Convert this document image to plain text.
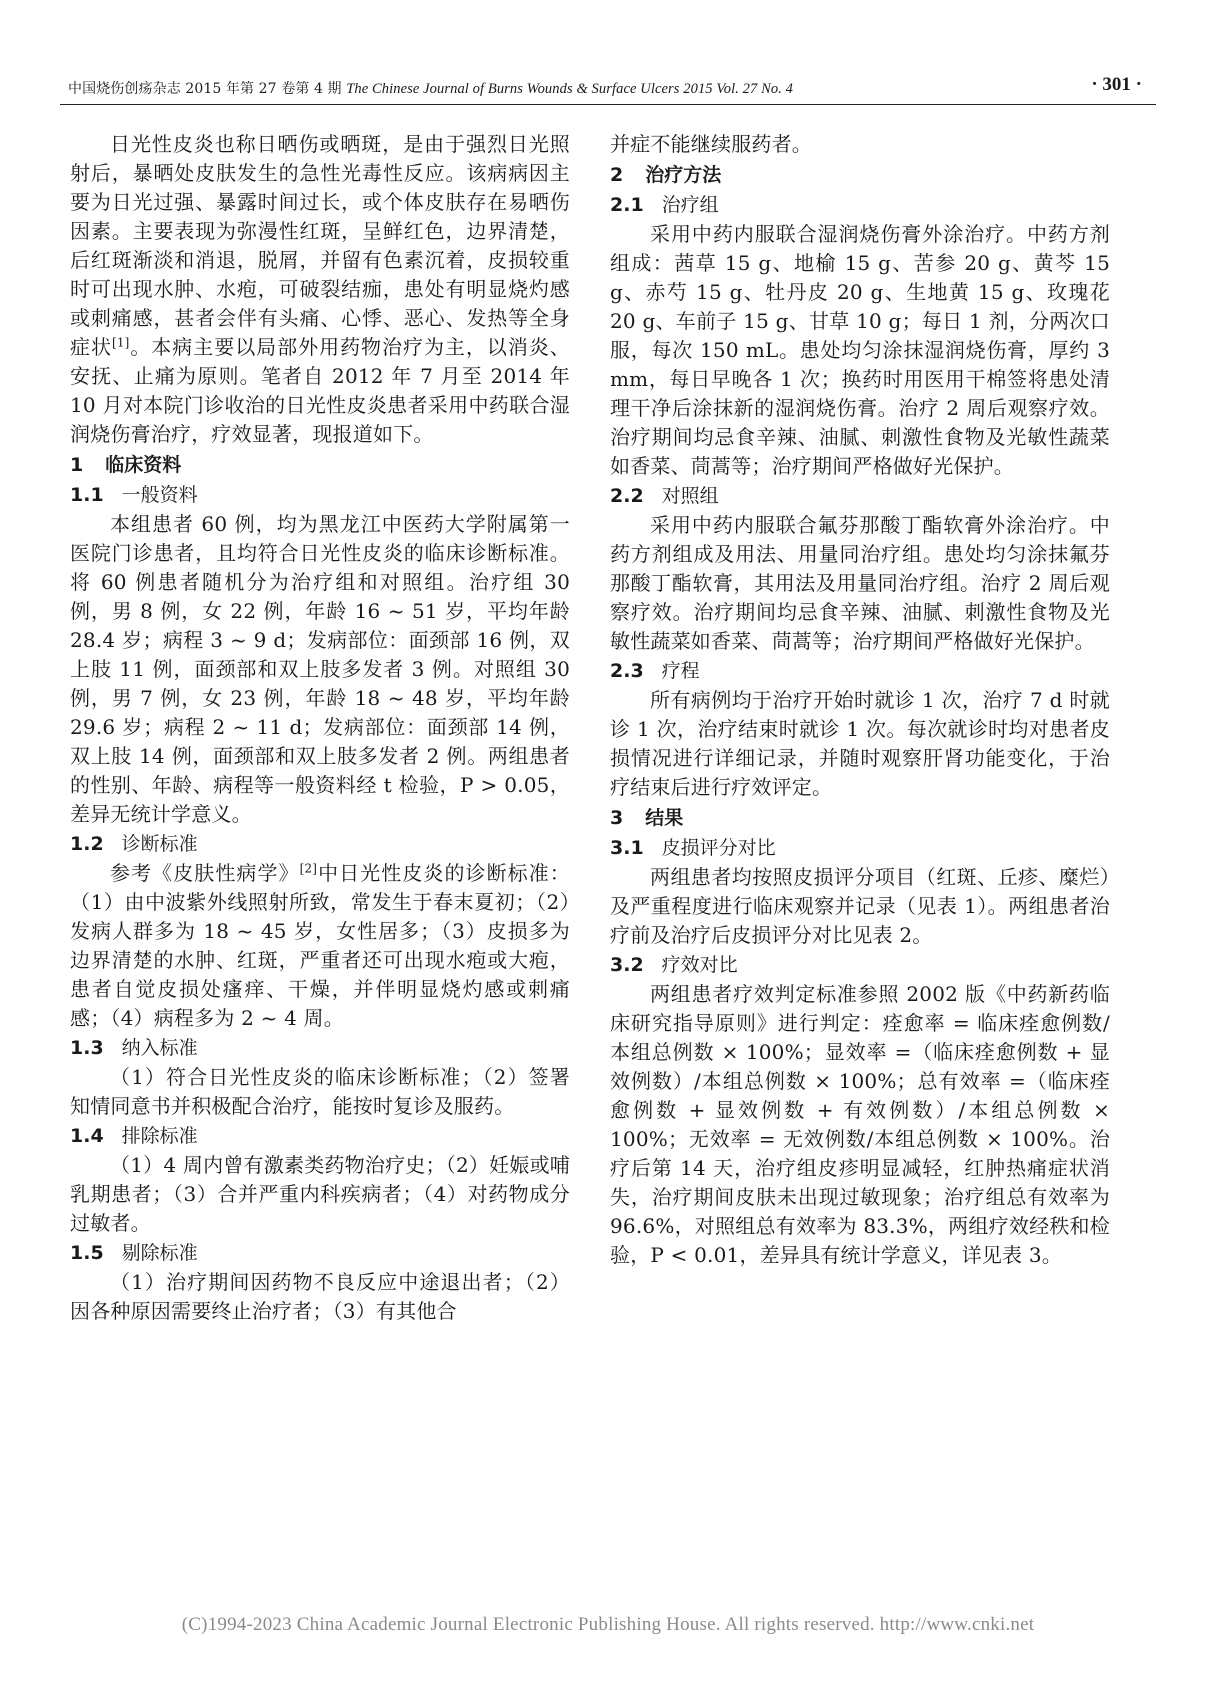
中国烧伤创疡杂志 2015 年第 27 卷第 4 期 The Chinese Journal of Burns Wounds & Surface Ulcers 2015 Vol. 27 No. 4	· 301 ·

日光性皮炎也称日晒伤或晒斑，是由于强烈日光照射后，暴晒处皮肤发生的急性光毒性反应。该病病因主要为日光过强、暴露时间过长，或个体皮肤存在易晒伤因素。主要表现为弥漫性红斑，呈鲜红色，边界清楚，后红斑渐淡和消退，脱屑，并留有色素沉着，皮损较重时可出现水肿、水疱，可破裂结痂，患处有明显烧灼感或刺痛感，甚者会伴有头痛、心悸、恶心、发热等全身症状[1]。本病主要以局部外用药物治疗为主，以消炎、安抚、止痛为原则。笔者自 2012 年 7 月至 2014 年 10 月对本院门诊收治的日光性皮炎患者采用中药联合湿润烧伤膏治疗，疗效显著，现报道如下。

1 临床资料
1.1 一般资料

本组患者 60 例，均为黑龙江中医药大学附属第一医院门诊患者，且均符合日光性皮炎的临床诊断标准。将 60 例患者随机分为治疗组和对照组。治疗组 30 例，男 8 例，女 22 例，年龄 16 ~ 51 岁，平均年龄 28.4 岁；病程 3 ~ 9 d；发病部位：面颈部 16 例，双上肢 11 例，面颈部和双上肢多发者 3 例。对照组 30 例，男 7 例，女 23 例，年龄 18 ~ 48 岁，平均年龄 29.6 岁；病程 2 ~ 11 d；发病部位：面颈部 14 例，双上肢 14 例，面颈部和双上肢多发者 2 例。两组患者的性别、年龄、病程等一般资料经 t 检验，P > 0.05，差异无统计学意义。

1.2 诊断标准

参考《皮肤性病学》[2]中日光性皮炎的诊断标准：（1）由中波紫外线照射所致，常发生于春末夏初；（2）发病人群多为 18 ~ 45 岁，女性居多；（3）皮损多为边界清楚的水肿、红斑，严重者还可出现水疱或大疱，患者自觉皮损处瘙痒、干燥，并伴明显烧灼感或刺痛感；（4）病程多为 2 ~ 4 周。

1.3 纳入标准

（1）符合日光性皮炎的临床诊断标准；（2）签署知情同意书并积极配合治疗，能按时复诊及服药。

1.4 排除标准

（1）4 周内曾有激素类药物治疗史；（2）妊娠或哺乳期患者；（3）合并严重内科疾病者；（4）对药物成分过敏者。

1.5 剔除标准

（1）治疗期间因药物不良反应中途退出者；（2）因各种原因需要终止治疗者；（3）有其他合

并症不能继续服药者。

2 治疗方法
2.1 治疗组

采用中药内服联合湿润烧伤膏外涂治疗。中药方剂组成：茜草 15 g、地榆 15 g、苦参 20 g、黄芩 15 g、赤芍 15 g、牡丹皮 20 g、生地黄 15 g、玫瑰花 20 g、车前子 15 g、甘草 10 g；每日 1 剂，分两次口服，每次 150 mL。患处均匀涂抹湿润烧伤膏，厚约 3 mm，每日早晚各 1 次；换药时用医用干棉签将患处清理干净后涂抹新的湿润烧伤膏。治疗 2 周后观察疗效。治疗期间均忌食辛辣、油腻、刺激性食物及光敏性蔬菜如香菜、茼蒿等；治疗期间严格做好光保护。

2.2 对照组

采用中药内服联合氟芬那酸丁酯软膏外涂治疗。中药方剂组成及用法、用量同治疗组。患处均匀涂抹氟芬那酸丁酯软膏，其用法及用量同治疗组。治疗 2 周后观察疗效。治疗期间均忌食辛辣、油腻、刺激性食物及光敏性蔬菜如香菜、茼蒿等；治疗期间严格做好光保护。

2.3 疗程

所有病例均于治疗开始时就诊 1 次，治疗 7 d 时就诊 1 次，治疗结束时就诊 1 次。每次就诊时均对患者皮损情况进行详细记录，并随时观察肝肾功能变化，于治疗结束后进行疗效评定。

3 结果
3.1 皮损评分对比

两组患者均按照皮损评分项目（红斑、丘疹、糜烂）及严重程度进行临床观察并记录（见表 1）。两组患者治疗前及治疗后皮损评分对比见表 2。

3.2 疗效对比

两组患者疗效判定标准参照 2002 版《中药新药临床研究指导原则》进行判定：痊愈率 = 临床痊愈例数/本组总例数 × 100%；显效率 =（临床痊愈例数 + 显效例数）/本组总例数 × 100%；总有效率 =（临床痊愈例数 + 显效例数 + 有效例数）/本组总例数 × 100%；无效率 = 无效例数/本组总例数 × 100%。治疗后第 14 天，治疗组皮疹明显减轻，红肿热痛症状消失，治疗期间皮肤未出现过敏现象；治疗组总有效率为 96.6%，对照组总有效率为 83.3%，两组疗效经秩和检验，P < 0.01，差异具有统计学意义，详见表 3。

(C)1994-2023 China Academic Journal Electronic Publishing House. All rights reserved. http://www.cnki.net
